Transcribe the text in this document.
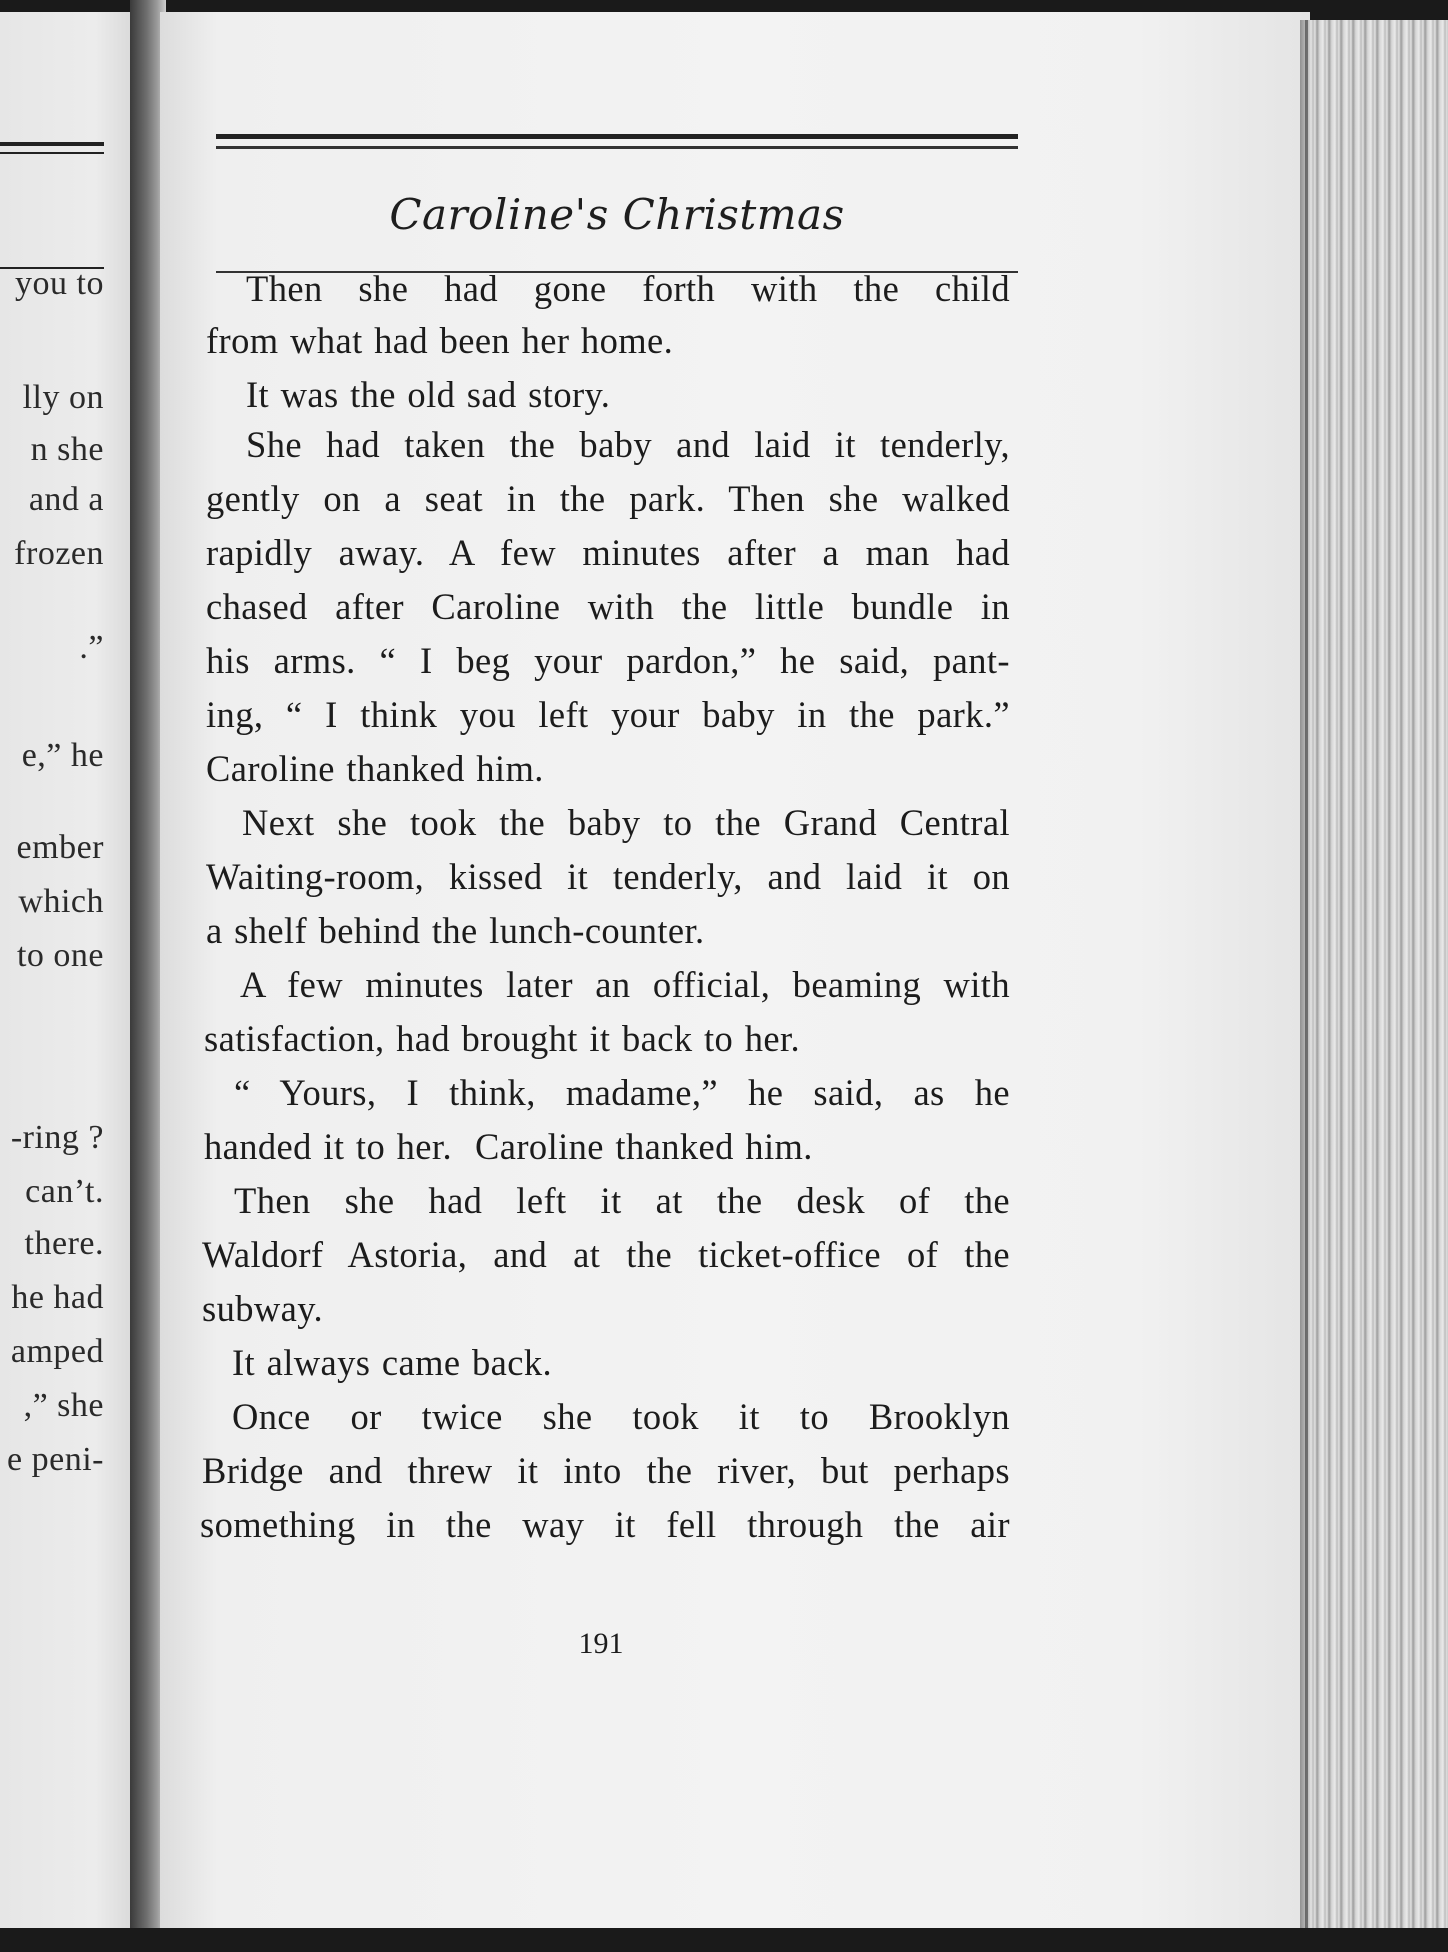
you to
lly on
n she
and a
frozen
.”
e,” he
ember
which
to one
-ring ?
can’t.
there.
he had
amped
,” she
e peni-
Caroline's Christmas
Then she had gone forth with the child
from what had been her home.
It was the old sad story.
She had taken the baby and laid it tenderly,
gently on a seat in the park. Then she walked
rapidly away. A few minutes after a man had
chased after Caroline with the little bundle in
his arms. “ I beg your pardon,” he said, pant-
ing, “ I think you left your baby in the park.”
Caroline thanked him.
Next she took the baby to the Grand Central
Waiting-room, kissed it tenderly, and laid it on
a shelf behind the lunch-counter.
A few minutes later an official, beaming with
satisfaction, had brought it back to her.
“ Yours, I think, madame,” he said, as he
handed it to her.  Caroline thanked him.
Then she had left it at the desk of the
Waldorf Astoria, and at the ticket-office of the
subway.
It always came back.
Once or twice she took it to Brooklyn
Bridge and threw it into the river, but perhaps
something in the way it fell through the air
191
